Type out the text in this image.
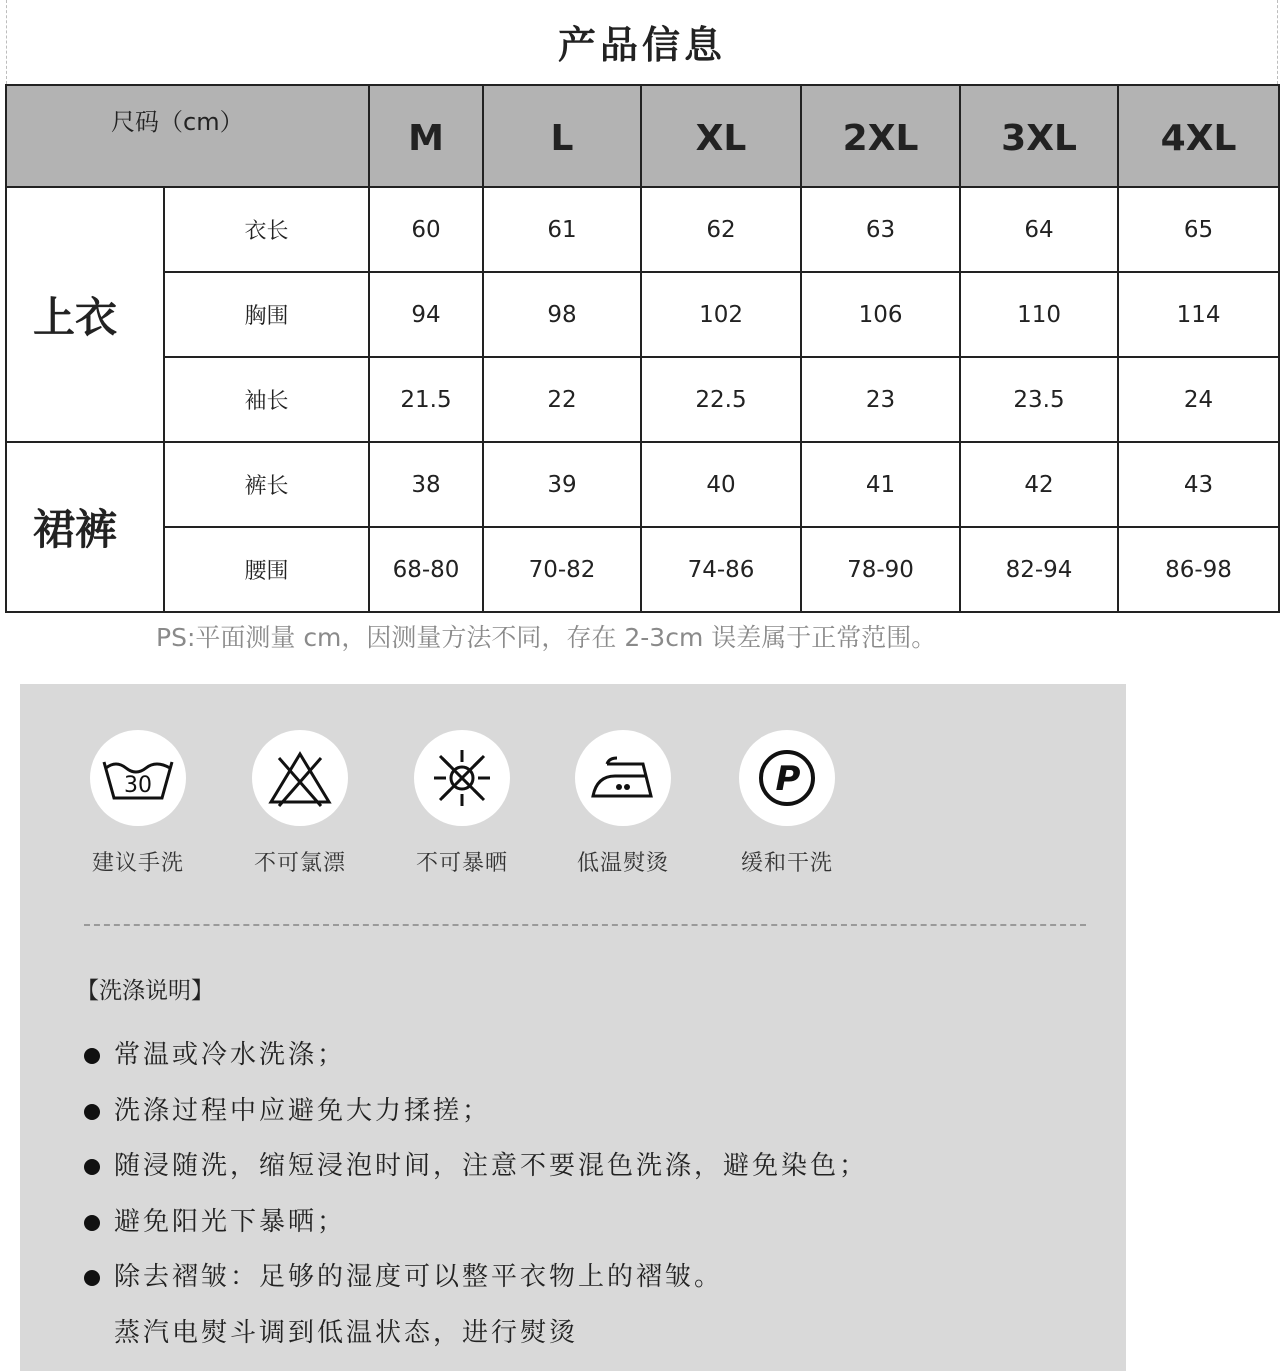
产品信息
尺码（cm）		M	L	XL	2XL	3XL	4XL
上衣	衣长	60	61	62	63	64	65
	胸围	94	98	102	106	110	114
	袖长	21.5	22	22.5	23	23.5	24
裙裤	裤长	38	39	40	41	42	43
	腰围	68-80	70-82	74-86	78-90	82-94	86-98
PS:平面测量 cm，因测量方法不同，存在 2-3cm 误差属于正常范围。
30
建议手洗	不可氯漂	不可暴晒	低温熨烫
P
缓和干洗
【洗涤说明】
常温或冷水洗涤；
洗涤过程中应避免大力揉搓；
随浸随洗，缩短浸泡时间，注意不要混色洗涤，避免染色；
避免阳光下暴晒；
除去褶皱：足够的湿度可以整平衣物上的褶皱。
蒸汽电熨斗调到低温状态，进行熨烫
